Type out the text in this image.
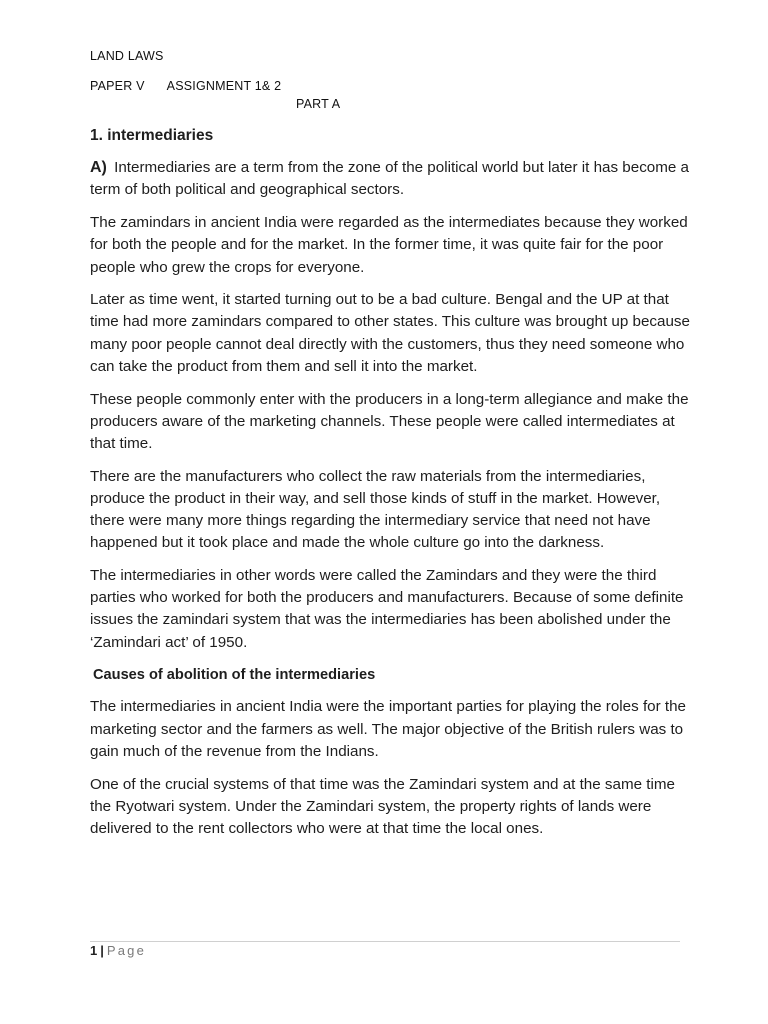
LAND LAWS
PAPER V ASSIGNMENT 1& 2
PART A
1. intermediaries

A) Intermediaries are a term from the zone of the political world but later it has become a term of both political and geographical sectors.

The zamindars in ancient India were regarded as the intermediates because they worked for both the people and for the market. In the former time, it was quite fair for the poor people who grew the crops for everyone.

Later as time went, it started turning out to be a bad culture. Bengal and the UP at that time had more zamindars compared to other states. This culture was brought up because many poor people cannot deal directly with the customers, thus they need someone who can take the product from them and sell it into the market.

These people commonly enter with the producers in a long-term allegiance and make the producers aware of the marketing channels. These people were called intermediates at that time.

There are the manufacturers who collect the raw materials from the intermediaries, produce the product in their way, and sell those kinds of stuff in the market. However, there were many more things regarding the intermediary service that need not have happened but it took place and made the whole culture go into the darkness.

The intermediaries in other words were called the Zamindars and they were the third parties who worked for both the producers and manufacturers. Because of some definite issues the zamindari system that was the intermediaries has been abolished under the ‘Zamindari act’ of 1950.

Causes of abolition of the intermediaries

The intermediaries in ancient India were the important parties for playing the roles for the marketing sector and the farmers as well. The major objective of the British rulers was to gain much of the revenue from the Indians.

One of the crucial systems of that time was the Zamindari system and at the same time the Ryotwari system. Under the Zamindari system, the property rights of lands were delivered to the rent collectors who were at that time the local ones.

1 | Page
